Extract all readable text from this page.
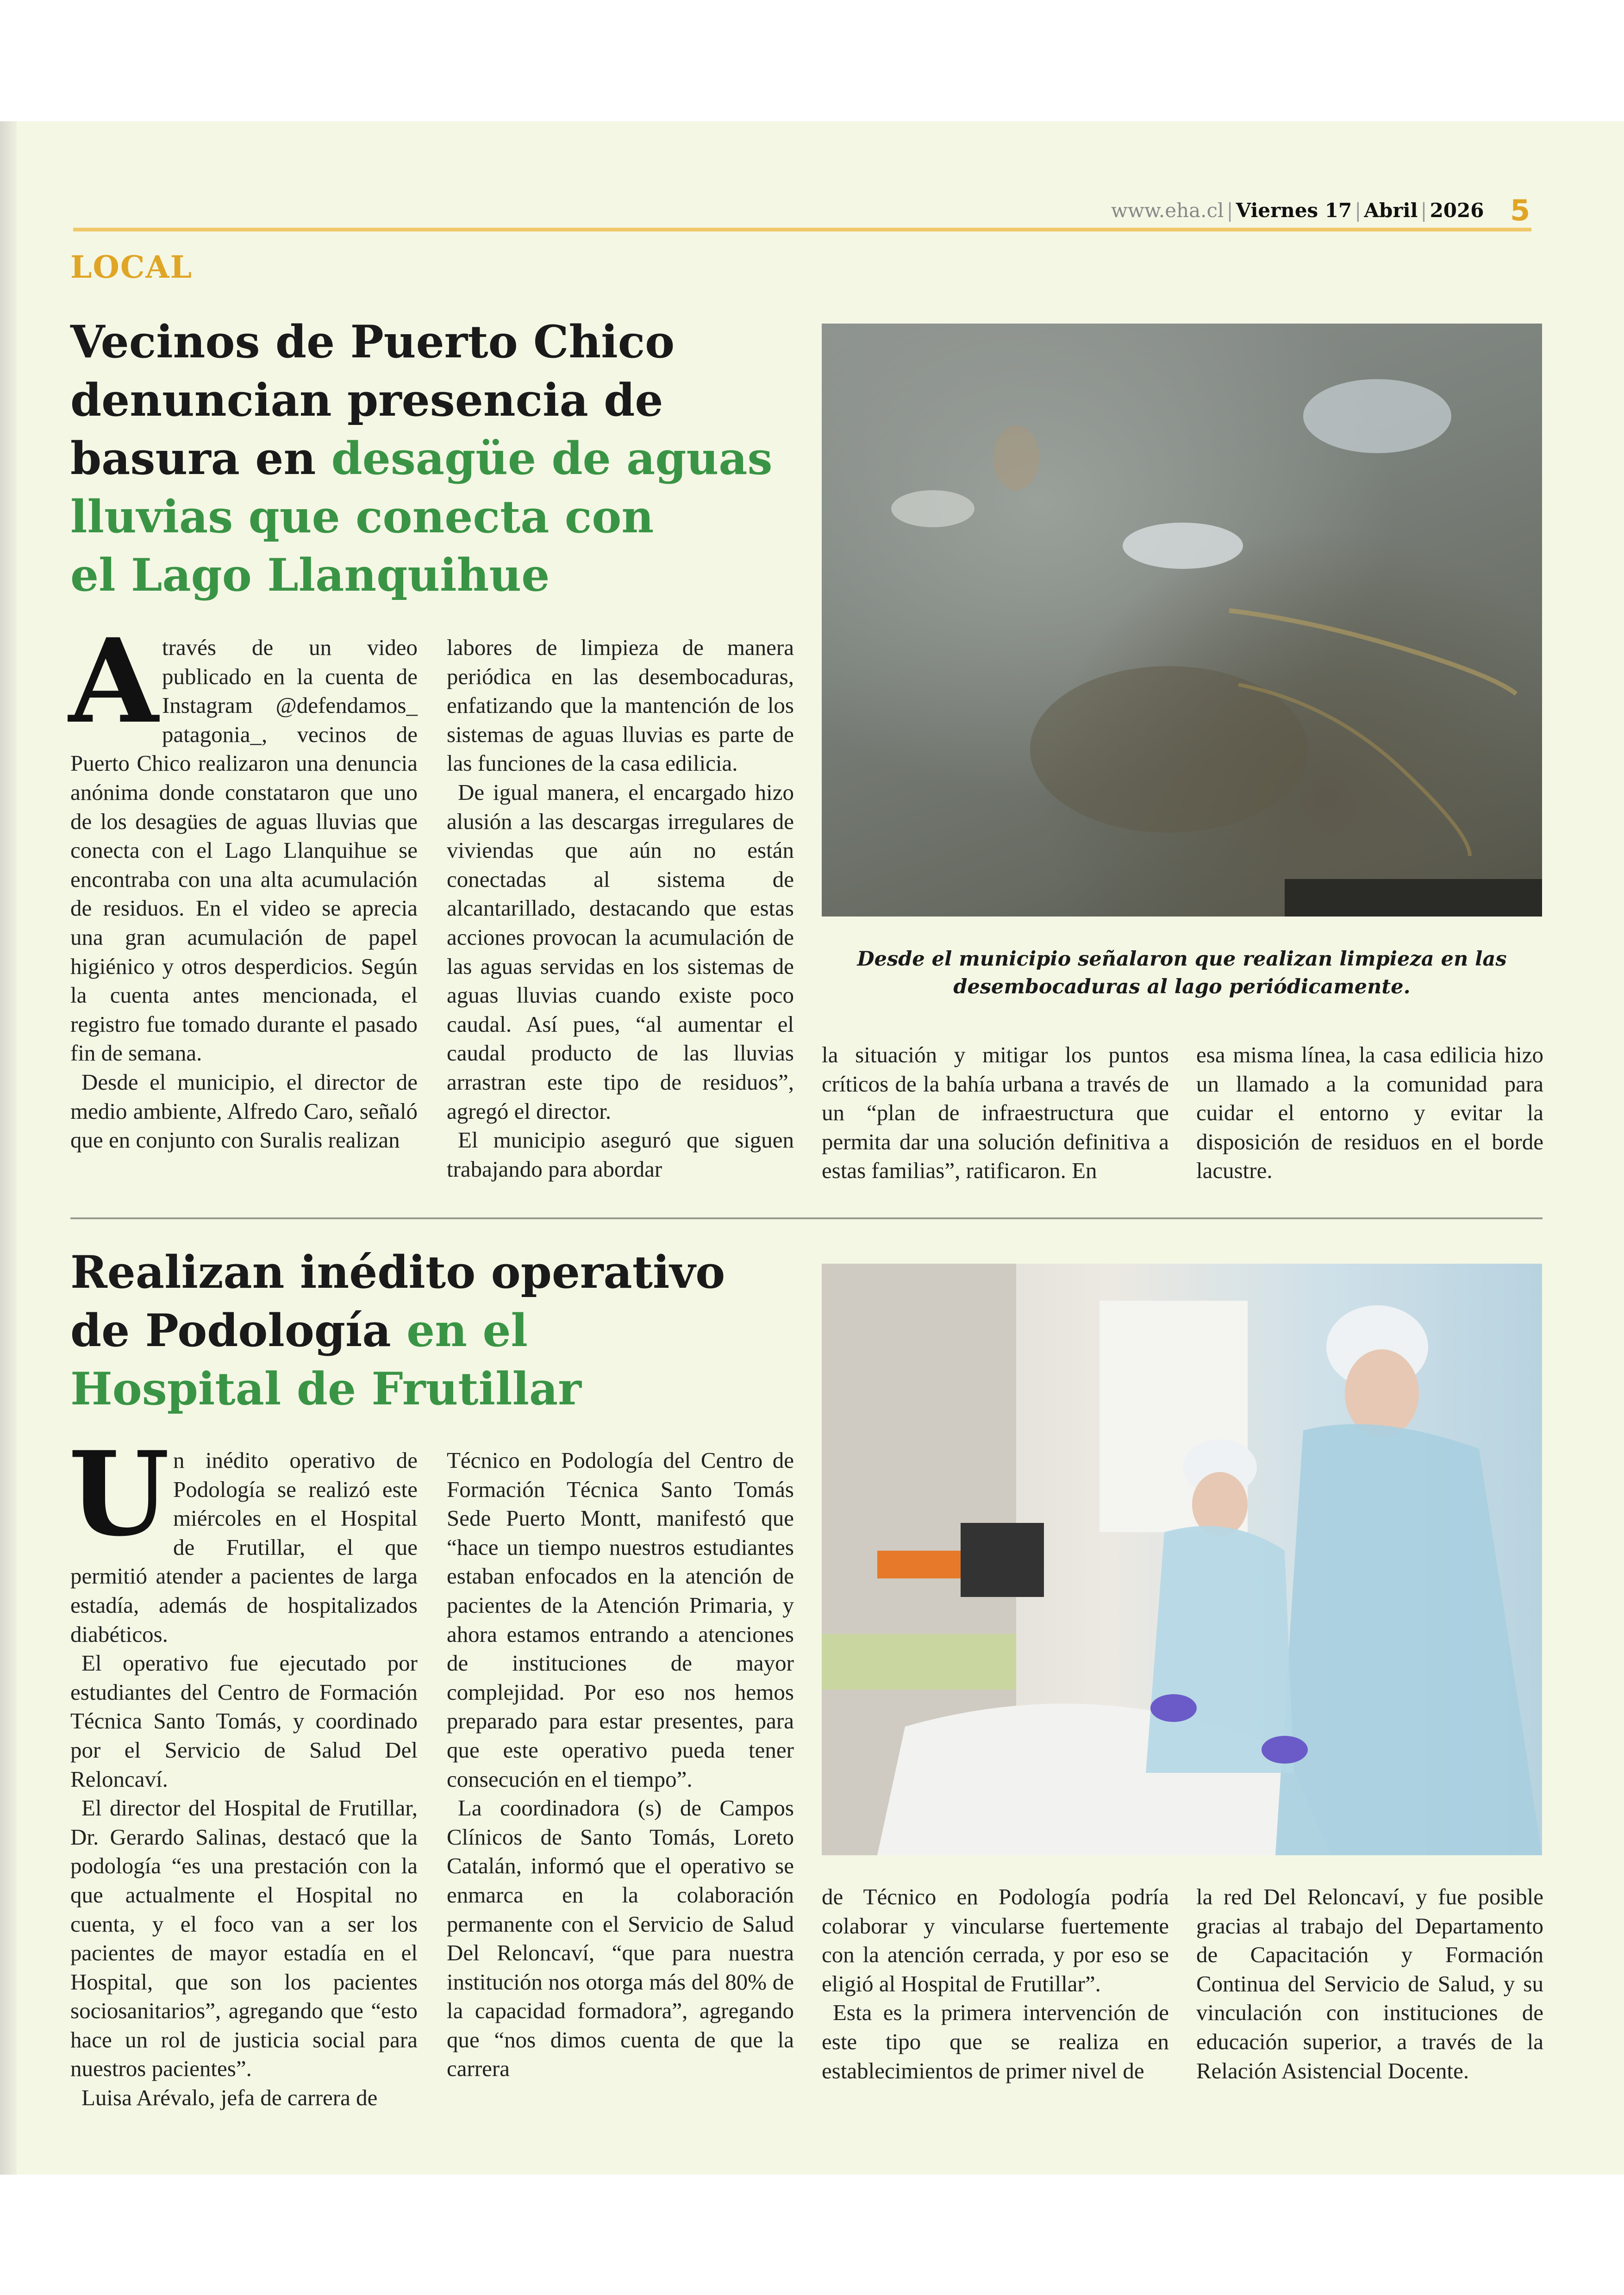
www.eha.cl | Viernes 17 | Abril | 2026 5
LOCAL
Vecinos de Puerto Chico
denuncian presencia de
basura en desagüe de aguas
lluvias que conecta con
el Lago Llanquihue
Desde el municipio señalaron que realizan limpieza en las desembocaduras al lago periódicamente.

Através de un video publicado en la cuenta de Instagram @defendamos_ patagonia_, vecinos de Puerto Chico realizaron una denuncia anónima donde constataron que uno de los desagües de aguas lluvias que conecta con el Lago Llanquihue se encontraba con una alta acumulación de residuos. En el video se aprecia una gran acumulación de papel higiénico y otros desperdicios. Según la cuenta antes mencionada, el registro fue tomado durante el pasado fin de semana.

Desde el municipio, el director de medio ambiente, Alfredo Caro, señaló que en conjunto con Suralis realizan

labores de limpieza de manera periódica en las desembocaduras, enfatizando que la mantención de los sistemas de aguas lluvias es parte de las funciones de la casa edilicia.

De igual manera, el encargado hizo alusión a las descargas irregulares de viviendas que aún no están conectadas al sistema de alcantarillado, destacando que estas acciones provocan la acumulación de las aguas servidas en los sistemas de aguas lluvias cuando existe poco caudal. Así pues, “al aumentar el caudal producto de las lluvias arrastran este tipo de residuos”, agregó el director.

El municipio aseguró que siguen trabajando para abordar

la situación y mitigar los puntos críticos de la bahía urbana a través de un “plan de infraestructura que permita dar una solución definitiva a estas familias”, ratificaron. En

esa misma línea, la casa edilicia hizo un llamado a la comunidad para cuidar el entorno y evitar la disposición de residuos en el borde lacustre.

Realizan inédito operativo
de Podología en el
Hospital de Frutillar

Un inédito operativo de Podología se realizó este miércoles en el Hospital de Frutillar, el que permitió atender a pacientes de larga estadía, además de hospitalizados diabéticos.

El operativo fue ejecutado por estudiantes del Centro de Formación Técnica Santo Tomás, y coordinado por el Servicio de Salud Del Reloncaví.

El director del Hospital de Frutillar, Dr. Gerardo Salinas, destacó que la podología “es una prestación con la que actualmente el Hospital no cuenta, y el foco van a ser los pacientes de mayor estadía en el Hospital, que son los pacientes sociosanitarios”, agregando que “esto hace un rol de justicia social para nuestros pacientes”.

Luisa Arévalo, jefa de carrera de

Técnico en Podología del Centro de Formación Técnica Santo Tomás Sede Puerto Montt, manifestó que “hace un tiempo nuestros estudiantes estaban enfocados en la atención de pacientes de la Atención Primaria, y ahora estamos entrando a atenciones de instituciones de mayor complejidad. Por eso nos hemos preparado para estar presentes, para que este operativo pueda tener consecución en el tiempo”.

La coordinadora (s) de Campos Clínicos de Santo Tomás, Loreto Catalán, informó que el operativo se enmarca en la colaboración permanente con el Servicio de Salud Del Reloncaví, “que para nuestra institución nos otorga más del 80% de la capacidad formadora”, agregando que “nos dimos cuenta de que la carrera

de Técnico en Podología podría colaborar y vincularse fuertemente con la atención cerrada, y por eso se eligió al Hospital de Frutillar”.

Esta es la primera intervención de este tipo que se realiza en establecimientos de primer nivel de

la red Del Reloncaví, y fue posible gracias al trabajo del Departamento de Capacitación y Formación Continua del Servicio de Salud, y su vinculación con instituciones de educación superior, a través de la Relación Asistencial Docente.
